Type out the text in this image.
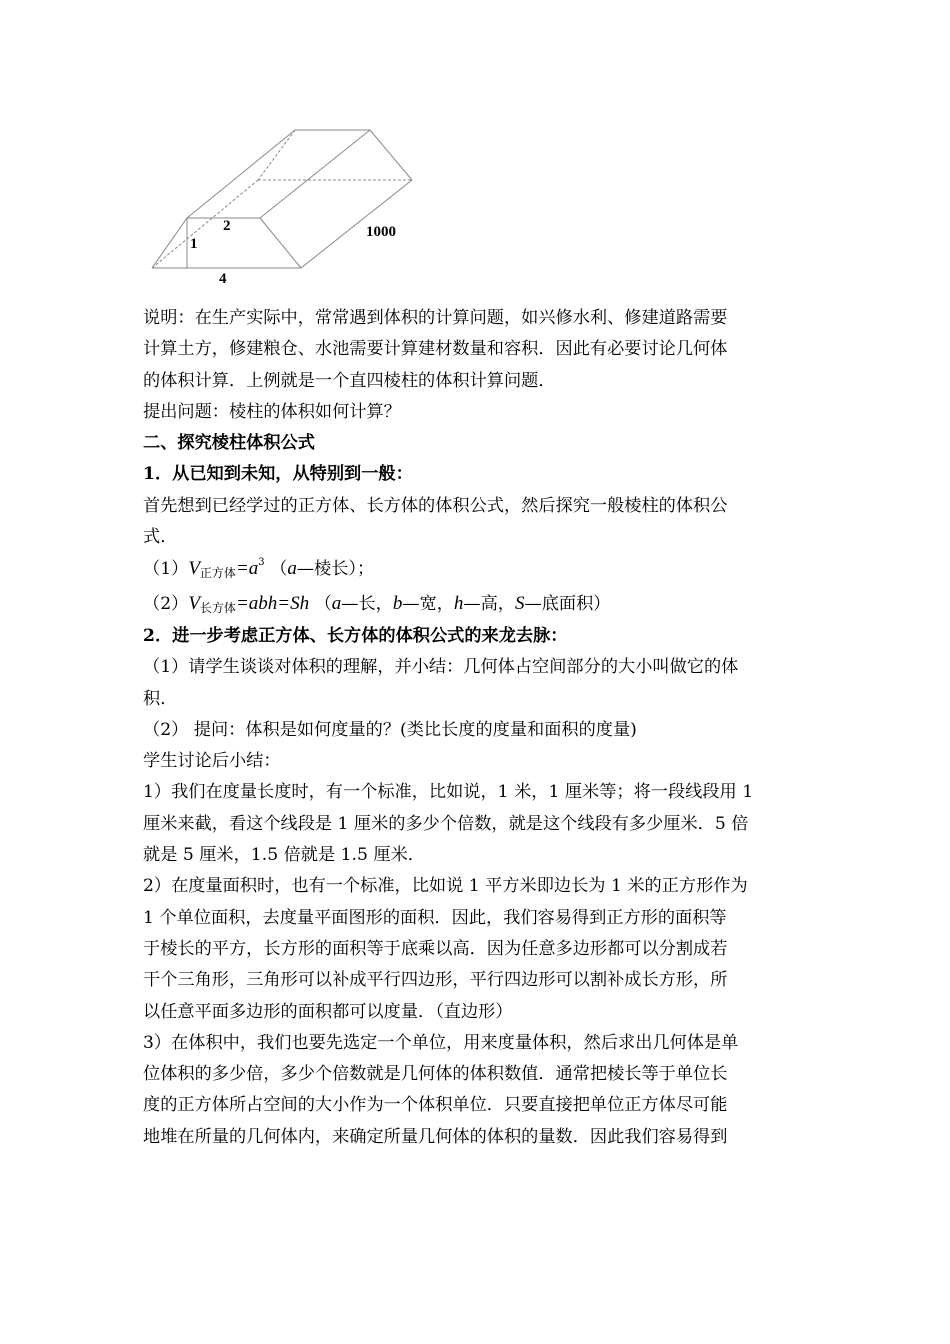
2
1
4
1000

说明：在生产实际中，常常遇到体积的计算问题，如兴修水利、修建道路需要

计算土方，修建粮仓、水池需要计算建材数量和容积．因此有必要讨论几何体

的体积计算．上例就是一个直四棱柱的体积计算问题．

提出问题：棱柱的体积如何计算？

二、探究棱柱体积公式

1．从已知到未知，从特别到一般：

首先想到已经学过的正方体、长方体的体积公式，然后探究一般棱柱的体积公

式．

（1）V正方体$=a^3$ （a—棱长）；

（2）V长方体=abh=Sh （a—长，b—宽，h—高，S—底面积）

2．进一步考虑正方体、长方体的体积公式的来龙去脉：

（1）请学生谈谈对体积的理解，并小结：几何体占空间部分的大小叫做它的体

积．

（2） 提问：体积是如何度量的？(类比长度的度量和面积的度量)

学生讨论后小结：

1）我们在度量长度时，有一个标准，比如说，1 米，1 厘米等；将一段线段用 1

厘米来截，看这个线段是 1 厘米的多少个倍数，就是这个线段有多少厘米．5 倍

就是 5 厘米，1.5 倍就是 1.5 厘米．

2）在度量面积时，也有一个标准，比如说 1 平方米即边长为 1 米的正方形作为

1 个单位面积，去度量平面图形的面积．因此，我们容易得到正方形的面积等

于棱长的平方，长方形的面积等于底乘以高．因为任意多边形都可以分割成若

干个三角形，三角形可以补成平行四边形，平行四边形可以割补成长方形，所

以任意平面多边形的面积都可以度量．（直边形）

3）在体积中，我们也要先选定一个单位，用来度量体积，然后求出几何体是单

位体积的多少倍，多少个倍数就是几何体的体积数值．通常把棱长等于单位长

度的正方体所占空间的大小作为一个体积单位．只要直接把单位正方体尽可能

地堆在所量的几何体内，来确定所量几何体的体积的量数．因此我们容易得到
